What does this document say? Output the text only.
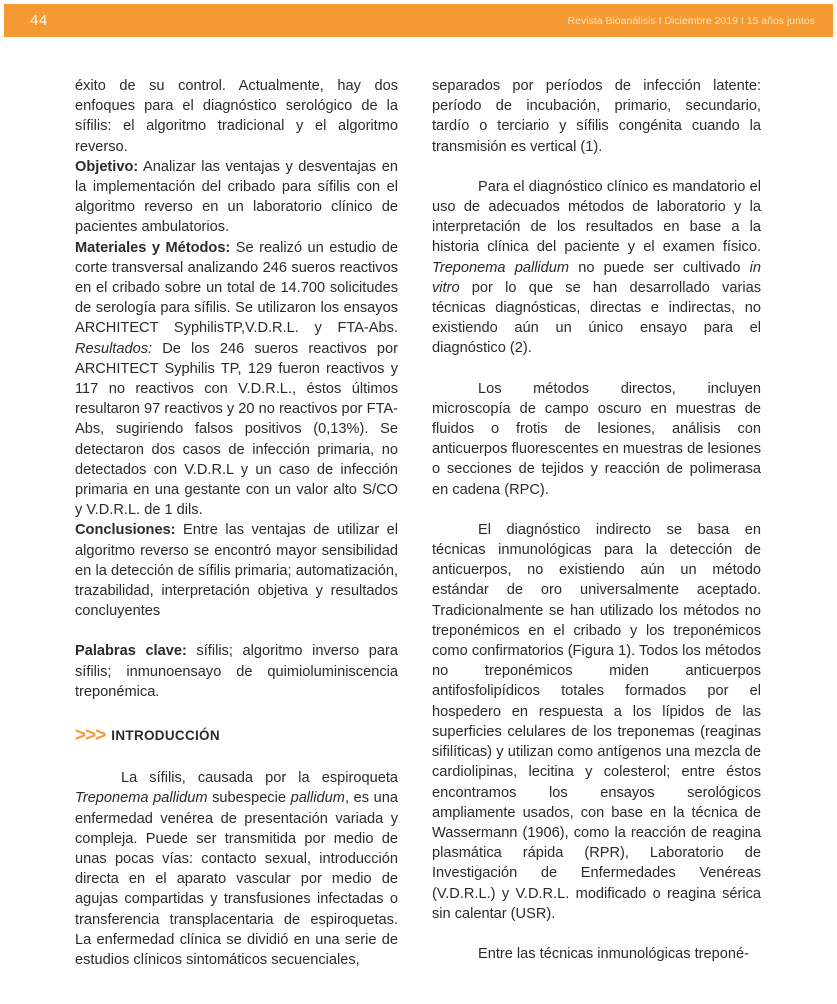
44	Revista Bioanálisis I Diciembre 2019 I 15 años juntos

éxito de su control. Actualmente, hay dos enfoques para el diagnóstico serológico de la sífilis: el algoritmo tradicional y el algoritmo reverso.

Objetivo: Analizar las ventajas y desventajas en la implementación del cribado para sífilis con el algoritmo reverso en un laboratorio clínico de pacientes ambulatorios.

Materiales y Métodos: Se realizó un estudio de corte transversal analizando 246 sueros reactivos en el cribado sobre un total de 14.700 solicitudes de serología para sífilis. Se utilizaron los ensayos ARCHITECT SyphilisTP,V.D.R.L. y FTA-Abs. Resultados: De los 246 sueros reactivos por ARCHITECT Syphilis TP, 129 fueron reactivos y 117 no reactivos con V.D.R.L., éstos últimos resultaron 97 reactivos y 20 no reactivos por FTA-Abs, sugiriendo falsos positivos (0,13%). Se detectaron dos casos de infección primaria, no detectados con V.D.R.L y un caso de infección primaria en una gestante con un valor alto S/CO y V.D.R.L. de 1 dils.

Conclusiones: Entre las ventajas de utilizar el algoritmo reverso se encontró mayor sensibilidad en la detección de sífilis primaria; automatización, trazabilidad, interpretación objetiva y resultados concluyentes

Palabras clave: sífilis; algoritmo inverso para sífilis; inmunoensayo de quimioluminiscencia treponémica.

>>> INTRODUCCIÓN

La sífilis, causada por la espiroqueta Treponema pallidum subespecie pallidum, es una enfermedad venérea de presentación variada y compleja. Puede ser transmitida por medio de unas pocas vías: contacto sexual, introducción directa en el aparato vascular por medio de agujas compartidas y transfusiones infectadas o transferencia transplacentaria de espiroquetas. La enfermedad clínica se dividió en una serie de estudios clínicos sintomáticos secuenciales,

separados por períodos de infección latente: período de incubación, primario, secundario, tardío o terciario y sífilis congénita cuando la transmisión es vertical (1).

Para el diagnóstico clínico es mandatorio el uso de adecuados métodos de laboratorio y la interpretación de los resultados en base a la historia clínica del paciente y el examen físico. Treponema pallidum no puede ser cultivado in vitro por lo que se han desarrollado varias técnicas diagnósticas, directas e indirectas, no existiendo aún un único ensayo para el diagnóstico (2).

Los métodos directos, incluyen microscopía de campo oscuro en muestras de fluidos o frotis de lesiones, análisis con anticuerpos fluorescentes en muestras de lesiones o secciones de tejidos y reacción de polimerasa en cadena (RPC).

El diagnóstico indirecto se basa en técnicas inmunológicas para la detección de anticuerpos, no existiendo aún un método estándar de oro universalmente aceptado. Tradicionalmente se han utilizado los métodos no treponémicos en el cribado y los treponémicos como confirmatorios (Figura 1). Todos los métodos no treponémicos miden anticuerpos antifosfolipídicos totales formados por el hospedero en respuesta a los lípidos de las superficies celulares de los treponemas (reaginas sifilíticas) y utilizan como antígenos una mezcla de cardiolipinas, lecitina y colesterol; entre éstos encontramos los ensayos serológicos ampliamente usados, con base en la técnica de Wassermann (1906), como la reacción de reagina plasmática rápida (RPR), Laboratorio de Investigación de Enfermedades Venéreas (V.D.R.L.) y V.D.R.L. modificado o reagina sérica sin calentar (USR).

Entre las técnicas inmunológicas treponé-
